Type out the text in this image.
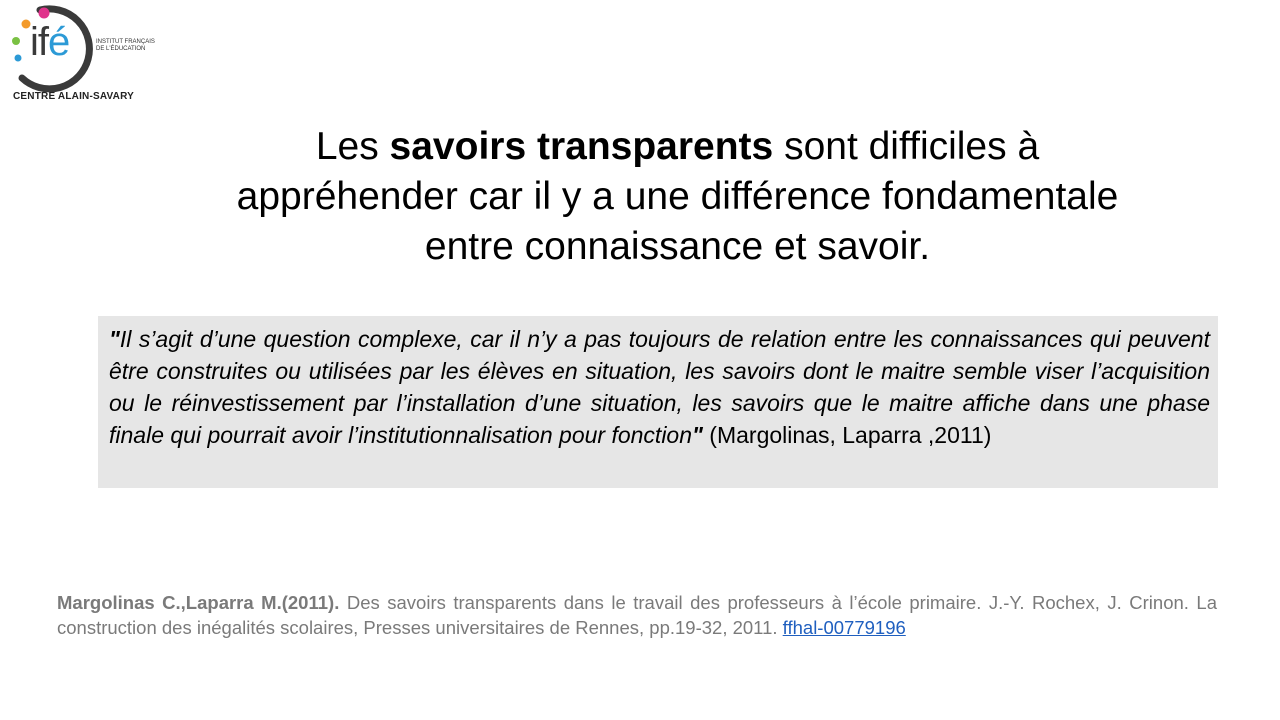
ifé	INSTITUT FRANÇAIS DE L'ÉDUCATION
CENTRE ALAIN-SAVARY
Les savoirs transparents sont difficiles à appréhender car il y a une différence fondamentale entre connaissance et savoir.

"Il s’agit d’une question complexe, car il n’y a pas toujours de relation entre les connaissances qui peuvent être construites ou utilisées par les élèves en situation, les savoirs dont le maitre semble viser l’acquisition ou le réinvestissement par l’installation d’une situation, les savoirs que le maitre affiche dans une phase finale qui pourrait avoir l’institutionnalisation pour fonction" (Margolinas, Laparra ,2011)

Margolinas C.,Laparra M.(2011). Des savoirs transparents dans le travail des professeurs à l’école primaire. J.-Y. Rochex, J. Crinon. La construction des inégalités scolaires, Presses universitaires de Rennes, pp.19-32, 2011. ffhal-00779196
